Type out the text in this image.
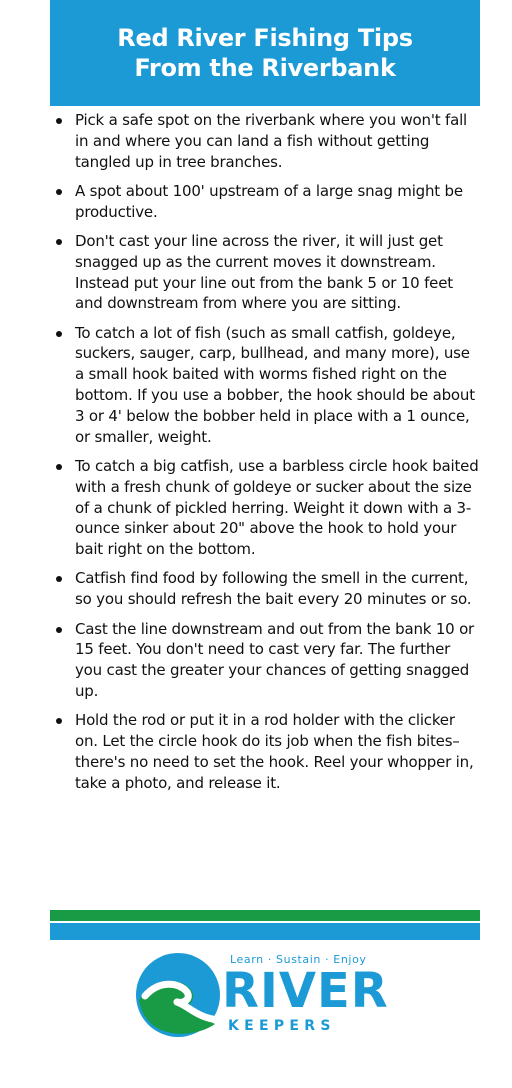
Red River Fishing Tips
From the Riverbank
Pick a safe spot on the riverbank where you won't fall in and where you can land a fish without getting tangled up in tree branches.
A spot about 100' upstream of a large snag might be productive.
Don't cast your line across the river, it will just get snagged up as the current moves it downstream. Instead put your line out from the bank 5 or 10 feet and downstream from where you are sitting.
To catch a lot of fish (such as small catfish, goldeye, suckers, sauger, carp, bullhead, and many more), use a small hook baited with worms fished right on the bottom. If you use a bobber, the hook should be about 3 or 4' below the bobber held in place with a 1 ounce, or smaller, weight.
To catch a big catfish, use a barbless circle hook baited with a fresh chunk of goldeye or sucker about the size of a chunk of pickled herring. Weight it down with a 3-ounce sinker about 20" above the hook to hold your bait right on the bottom.
Catfish find food by following the smell in the current, so you should refresh the bait every 20 minutes or so.
Cast the line downstream and out from the bank 10 or 15 feet. You don't need to cast very far. The further you cast the greater your chances of getting snagged up.
Hold the rod or put it in a rod holder with the clicker on. Let the circle hook do its job when the fish bites–there's no need to set the hook. Reel your whopper in, take a photo, and release it.
Learn · Sustain · Enjoy
RIVER
KEEPERS
